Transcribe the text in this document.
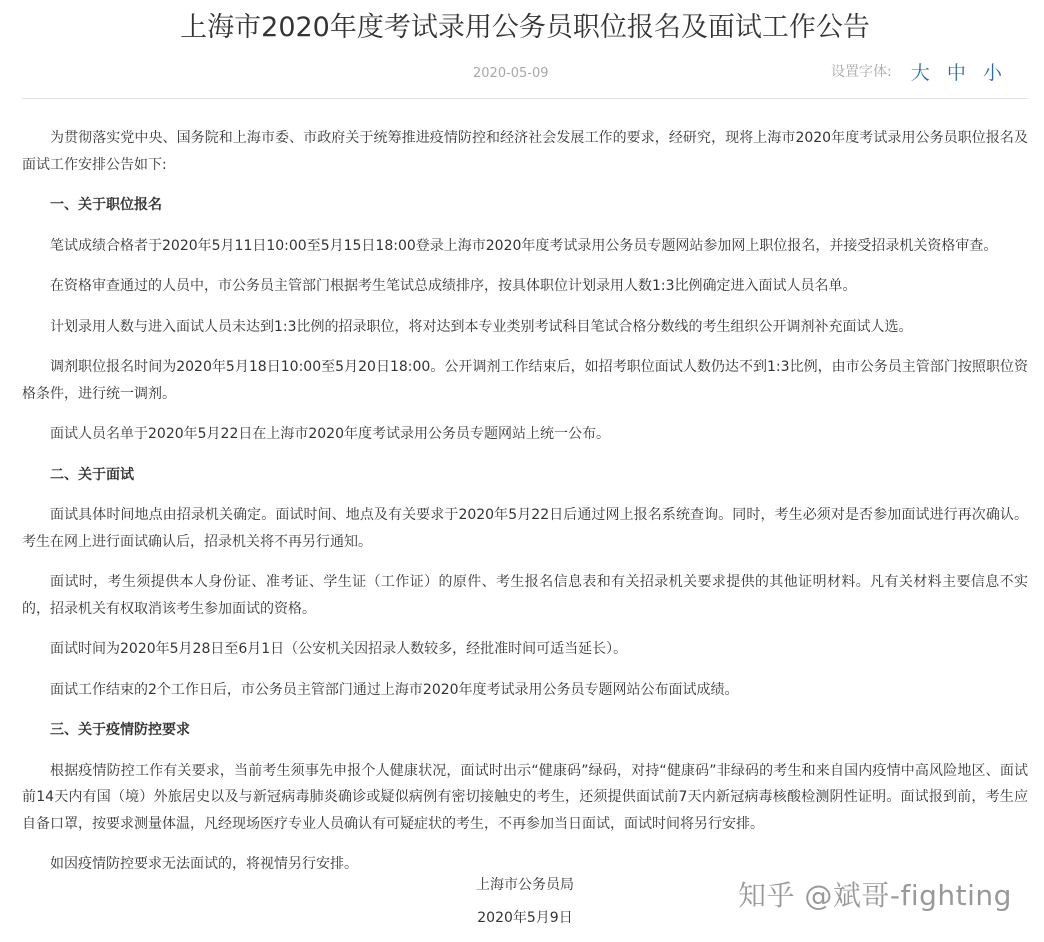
上海市2020年度考试录用公务员职位报名及面试工作公告
2020-05-09	设置字体: 大 中 小

为贯彻落实党中央、国务院和上海市委、市政府关于统筹推进疫情防控和经济社会发展工作的要求，经研究，现将上海市2020年度考试录用公务员职位报名及面试工作安排公告如下:

一、关于职位报名

笔试成绩合格者于2020年5月11日10:00至5月15日18:00登录上海市2020年度考试录用公务员专题网站参加网上职位报名，并接受招录机关资格审查。

在资格审查通过的人员中，市公务员主管部门根据考生笔试总成绩排序，按具体职位计划录用人数1:3比例确定进入面试人员名单。

计划录用人数与进入面试人员未达到1:3比例的招录职位，将对达到本专业类别考试科目笔试合格分数线的考生组织公开调剂补充面试人选。

调剂职位报名时间为2020年5月18日10:00至5月20日18:00。公开调剂工作结束后，如招考职位面试人数仍达不到1:3比例，由市公务员主管部门按照职位资格条件，进行统一调剂。

面试人员名单于2020年5月22日在上海市2020年度考试录用公务员专题网站上统一公布。

二、关于面试

面试具体时间地点由招录机关确定。面试时间、地点及有关要求于2020年5月22日后通过网上报名系统查询。同时，考生必须对是否参加面试进行再次确认。考生在网上进行面试确认后，招录机关将不再另行通知。

面试时，考生须提供本人身份证、准考证、学生证（工作证）的原件、考生报名信息表和有关招录机关要求提供的其他证明材料。凡有关材料主要信息不实的，招录机关有权取消该考生参加面试的资格。

面试时间为2020年5月28日至6月1日（公安机关因招录人数较多，经批准时间可适当延长）。

面试工作结束的2个工作日后，市公务员主管部门通过上海市2020年度考试录用公务员专题网站公布面试成绩。

三、关于疫情防控要求

根据疫情防控工作有关要求，当前考生须事先申报个人健康状况，面试时出示“健康码”绿码，对持“健康码”非绿码的考生和来自国内疫情中高风险地区、面试前14天内有国（境）外旅居史以及与新冠病毒肺炎确诊或疑似病例有密切接触史的考生，还须提供面试前7天内新冠病毒核酸检测阴性证明。面试报到前，考生应自备口罩，按要求测量体温，凡经现场医疗专业人员确认有可疑症状的考生，不再参加当日面试，面试时间将另行安排。

如因疫情防控要求无法面试的，将视情另行安排。

上海市公务员局
2020年5月9日
知乎 @斌哥-fighting
